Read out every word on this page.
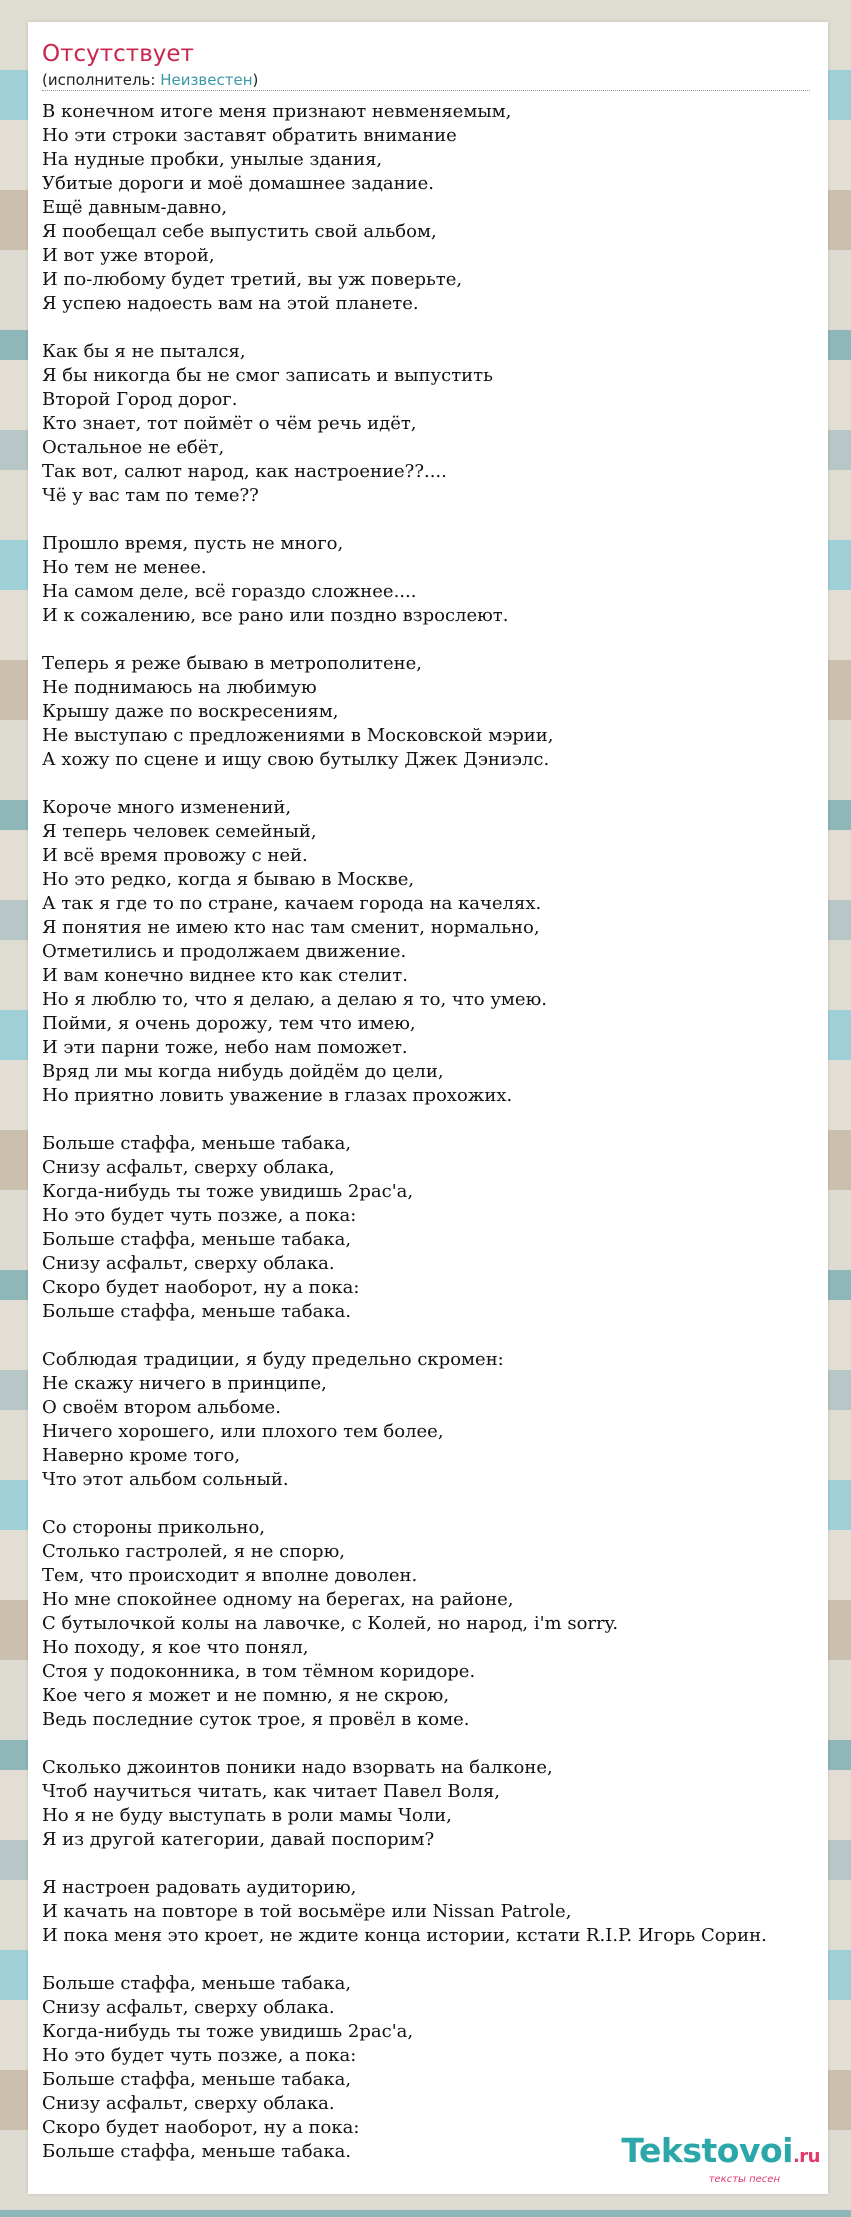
Отсутствует
(исполнитель: Неизвестен)
В конечном итоге меня признают невменяемым,
Но эти строки заставят обратить внимание
На нудные пробки, унылые здания,
Убитые дороги и моё домашнее задание.
Ещё давным-давно,
Я пообещал себе выпустить свой альбом,
И вот уже второй,
И по-любому будет третий, вы уж поверьте,
Я успею надоесть вам на этой планете.

Как бы я не пытался,
Я бы никогда бы не смог записать и выпустить
Второй Город дорог.
Кто знает, тот поймёт о чём речь идёт,
Остальное не ебёт,
Так вот, салют народ, как настроение??....
Чё у вас там по теме??

Прошло время, пусть не много,
Но тем не менее.
На самом деле, всё гораздо сложнее....
И к сожалению, все рано или поздно взрослеют.

Теперь я реже бываю в метрополитене,
Не поднимаюсь на любимую
Крышу даже по воскресениям,
Не выступаю с предложениями в Московской мэрии,
А хожу по сцене и ищу свою бутылку Джек Дэниэлс.

Короче много изменений,
Я теперь человек семейный,
И всё время провожу с ней.
Но это редко, когда я бываю в Москве,
А так я где то по стране, качаем города на качелях.
Я понятия не имею кто нас там сменит, нормально,
Отметились и продолжаем движение.
И вам конечно виднее кто как стелит.
Но я люблю то, что я делаю, а делаю я то, что умею.
Пойми, я очень дорожу, тем что имею,
И эти парни тоже, небо нам поможет.
Вряд ли мы когда нибудь дойдём до цели,
Но приятно ловить уважение в глазах прохожих.

Больше стаффа, меньше табака,
Снизу асфальт, сверху облака,
Когда-нибудь ты тоже увидишь 2рас'а,
Но это будет чуть позже, а пока:
Больше стаффа, меньше табака,
Снизу асфальт, сверху облака.
Скоро будет наоборот, ну а пока:
Больше стаффа, меньше табака.

Соблюдая традиции, я буду предельно скромен:
Не скажу ничего в принципе,
О своём втором альбоме.
Ничего хорошего, или плохого тем более,
Наверно кроме того,
Что этот альбом сольный.

Со стороны прикольно,
Столько гастролей, я не спорю,
Тем, что происходит я вполне доволен.
Но мне спокойнее одному на берегах, на районе,
С бутылочкой колы на лавочке, с Колей, но народ, i'm sorry.
Но походу, я кое что понял,
Стоя у подоконника, в том тёмном коридоре.
Кое чего я может и не помню, я не скрою,
Ведь последние суток трое, я провёл в коме.

Сколько джоинтов поники надо взорвать на балконе,
Чтоб научиться читать, как читает Павел Воля,
Но я не буду выступать в роли мамы Чоли,
Я из другой категории, давай поспорим?

Я настроен радовать аудиторию,
И качать на повторе в той восьмёре или Nissan Patrole,
И пока меня это кроет, не ждите конца истории, кстати R.I.P. Игорь Сорин.

Больше стаффа, меньше табака,
Снизу асфальт, сверху облака.
Когда-нибудь ты тоже увидишь 2рас'а,
Но это будет чуть позже, а пока:
Больше стаффа, меньше табака,
Снизу асфальт, сверху облака.
Скоро будет наоборот, ну а пока:
Больше стаффа, меньше табака.	Tekstovoi.ru
тексты песен
